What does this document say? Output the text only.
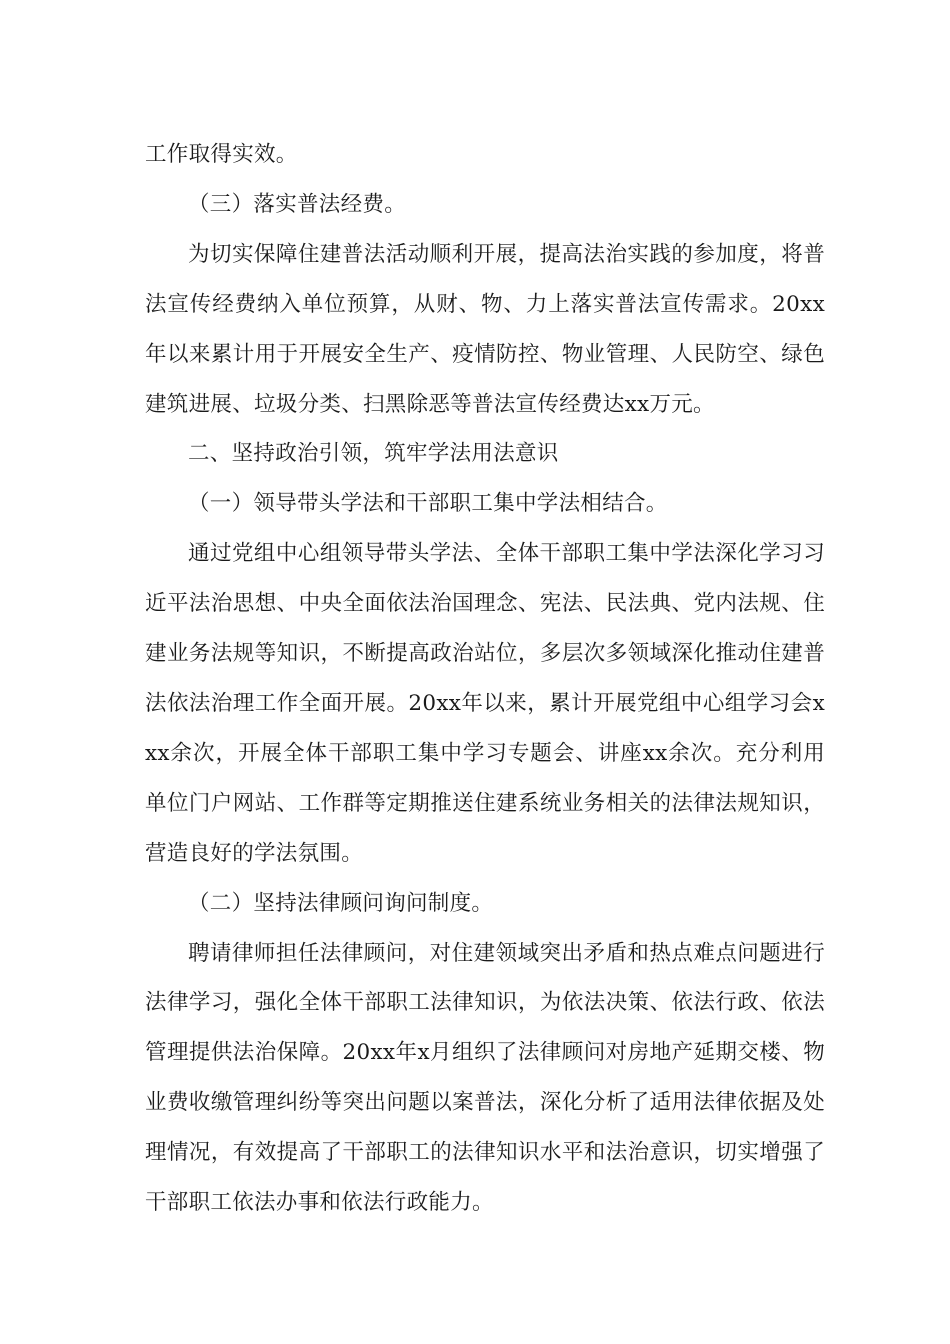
工作取得实效。

（三）落实普法经费。

为切实保障住建普法活动顺利开展，提高法治实践的参加度，将普法宣传经费纳入单位预算，从财、物、力上落实普法宣传需求。20xx年以来累计用于开展安全生产、疫情防控、物业管理、人民防空、绿色建筑进展、垃圾分类、扫黑除恶等普法宣传经费达xx万元。

二、坚持政治引领，筑牢学法用法意识

（一）领导带头学法和干部职工集中学法相结合。

通过党组中心组领导带头学法、全体干部职工集中学法深化学习习近平法治思想、中央全面依法治国理念、宪法、民法典、党内法规、住建业务法规等知识，不断提高政治站位，多层次多领域深化推动住建普法依法治理工作全面开展。20xx年以来，累计开展党组中心组学习会xxx余次，开展全体干部职工集中学习专题会、讲座xx余次。充分利用单位门户网站、工作群等定期推送住建系统业务相关的法律法规知识，营造良好的学法氛围。

（二）坚持法律顾问询问制度。

聘请律师担任法律顾问，对住建领域突出矛盾和热点难点问题进行法律学习，强化全体干部职工法律知识，为依法决策、依法行政、依法管理提供法治保障。20xx年x月组织了法律顾问对房地产延期交楼、物业费收缴管理纠纷等突出问题以案普法，深化分析了适用法律依据及处理情况，有效提高了干部职工的法律知识水平和法治意识，切实增强了干部职工依法办事和依法行政能力。
